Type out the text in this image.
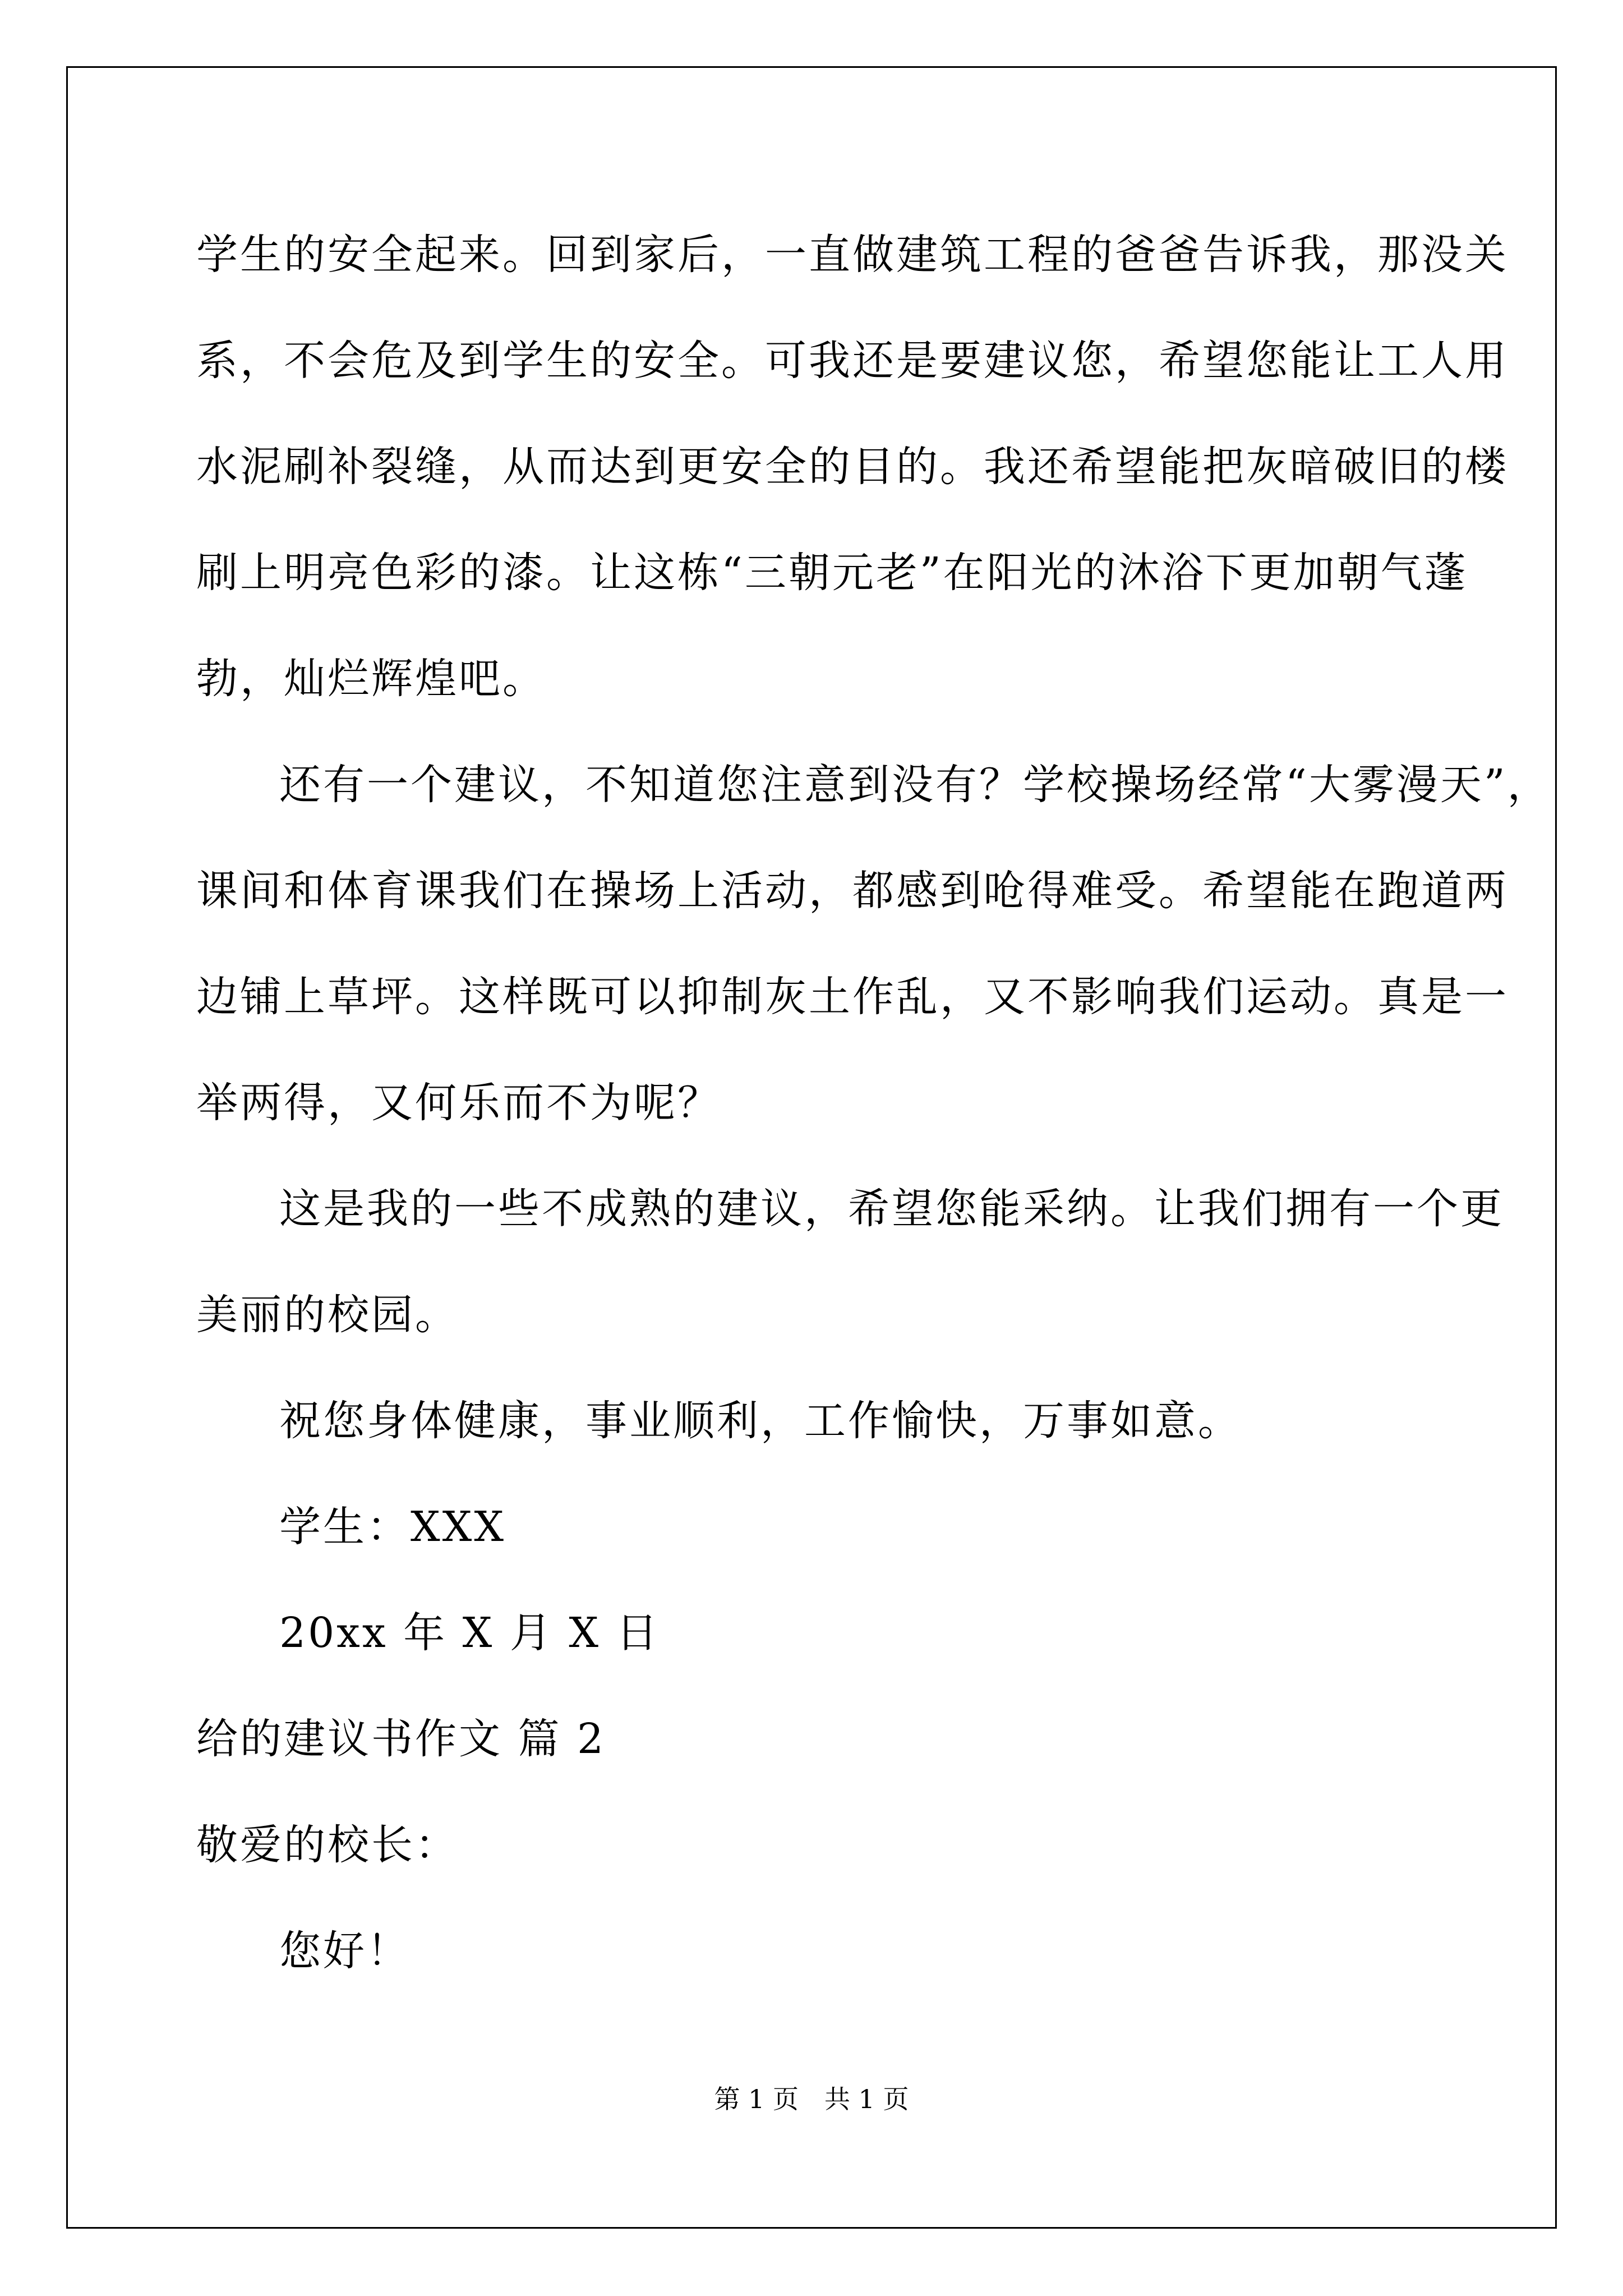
学生的安全起来。回到家后，一直做建筑工程的爸爸告诉我，那没关
系，不会危及到学生的安全。可我还是要建议您，希望您能让工人用
水泥刷补裂缝，从而达到更安全的目的。我还希望能把灰暗破旧的楼
刷上明亮色彩的漆。让这栋“三朝元老”在阳光的沐浴下更加朝气蓬
勃，灿烂辉煌吧。
还有一个建议，不知道您注意到没有？学校操场经常“大雾漫天”，
课间和体育课我们在操场上活动，都感到呛得难受。希望能在跑道两
边铺上草坪。这样既可以抑制灰土作乱，又不影响我们运动。真是一
举两得，又何乐而不为呢？
这是我的一些不成熟的建议，希望您能采纳。让我们拥有一个更
美丽的校园。
祝您身体健康，事业顺利，工作愉快，万事如意。
学生：XXX
20xx 年 X 月 X 日
给的建议书作文 篇 2
敬爱的校长：
您好！
第 1 页　共 1 页
